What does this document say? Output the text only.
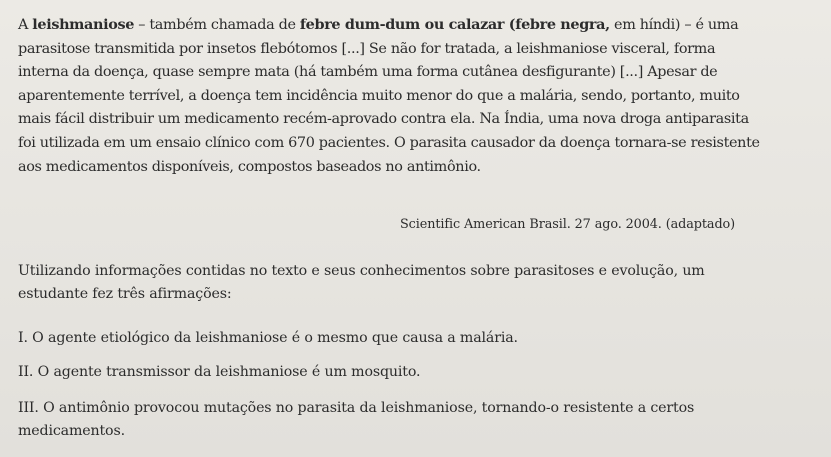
A leishmaniose – também chamada de febre dum-dum ou calazar (febre negra, em híndi) – é uma
parasitose transmitida por insetos flebótomos [...] Se não for tratada, a leishmaniose visceral, forma
interna da doença, quase sempre mata (há também uma forma cutânea desfigurante) [...] Apesar de
aparentemente terrível, a doença tem incidência muito menor do que a malária, sendo, portanto, muito
mais fácil distribuir um medicamento recém-aprovado contra ela. Na Índia, uma nova droga antiparasita
foi utilizada em um ensaio clínico com 670 pacientes. O parasita causador da doença tornara-se resistente
aos medicamentos disponíveis, compostos baseados no antimônio.

Scientific American Brasil. 27 ago. 2004. (adaptado)

Utilizando informações contidas no texto e seus conhecimentos sobre parasitoses e evolução, um
estudante fez três afirmações:

I. O agente etiológico da leishmaniose é o mesmo que causa a malária.

II. O agente transmissor da leishmaniose é um mosquito.

III. O antimônio provocou mutações no parasita da leishmaniose, tornando-o resistente a certos
medicamentos.
